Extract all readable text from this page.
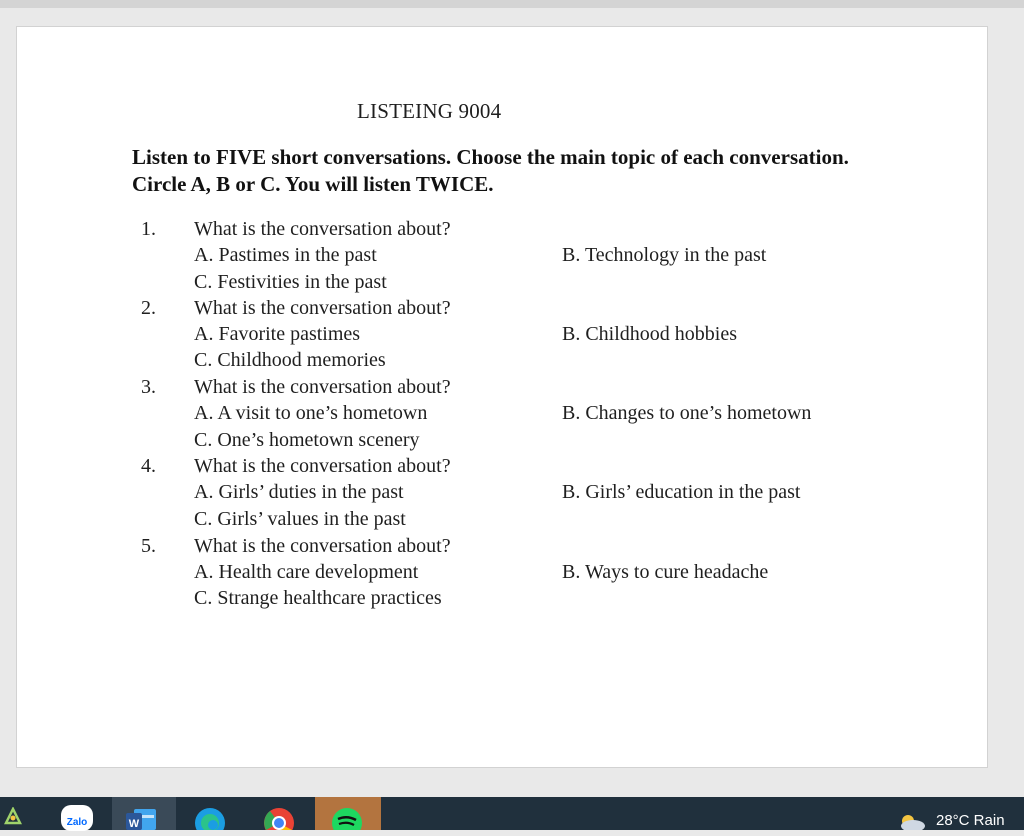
LISTEING 9004
Listen to FIVE short conversations. Choose the main topic of each conversation.
Circle A, B or C. You will listen TWICE.
1. What is the conversation about?
A. Pastimes in the past	B. Technology in the past
C. Festivities in the past
2. What is the conversation about?
A. Favorite pastimes	B. Childhood hobbies
C. Childhood memories
3. What is the conversation about?
A. A visit to one’s hometown	B. Changes to one’s hometown
C. One’s hometown scenery
4. What is the conversation about?
A. Girls’ duties in the past	B. Girls’ education in the past
C. Girls’ values in the past
5. What is the conversation about?
A. Health care development	B. Ways to cure headache
C. Strange healthcare practices
Zalo	W	28°C Rain
